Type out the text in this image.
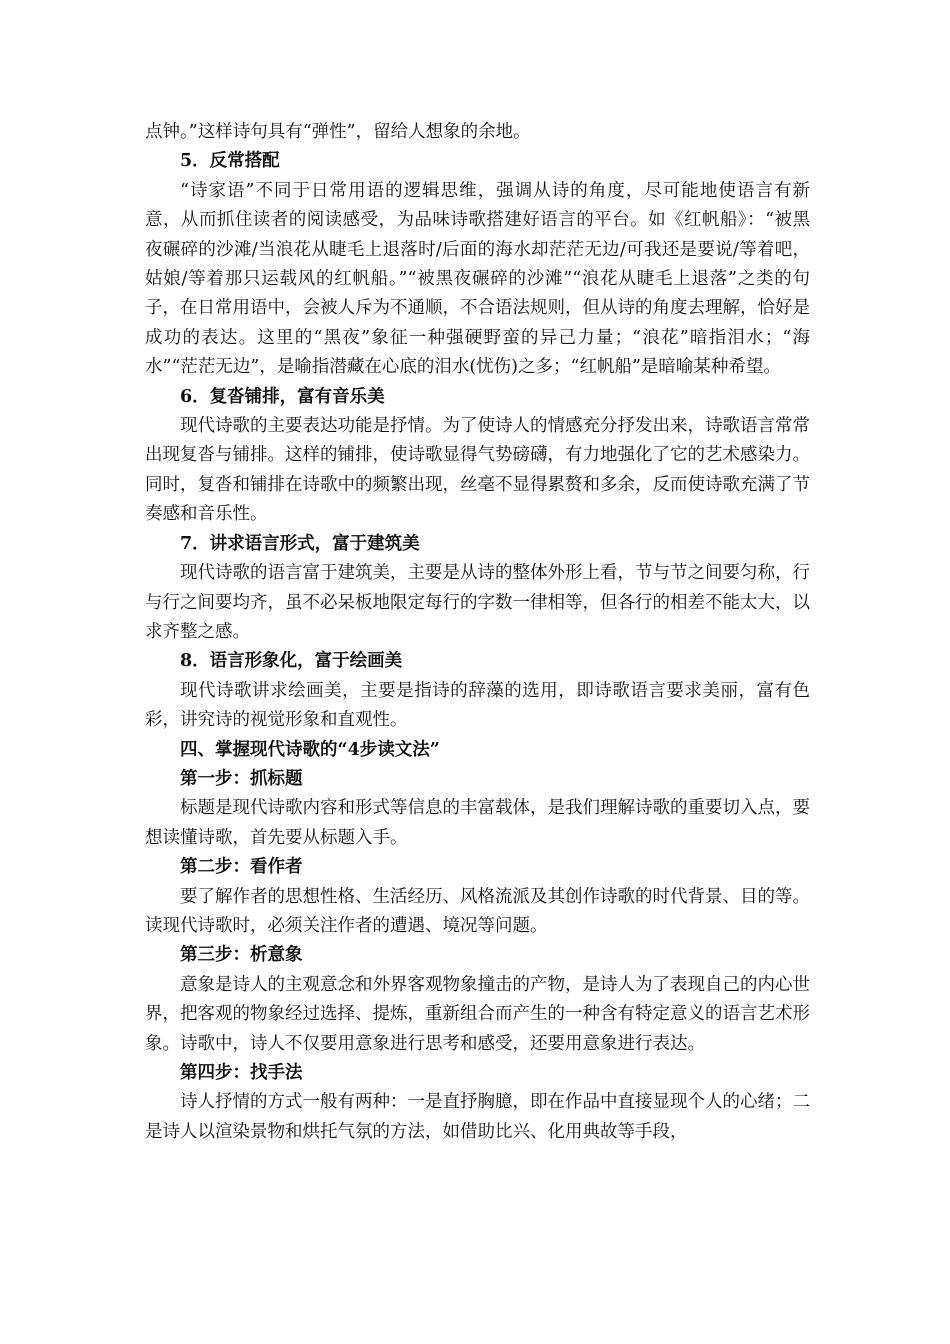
点钟。”这样诗句具有“弹性”，留给人想象的余地。

5．反常搭配

“诗家语”不同于日常用语的逻辑思维，强调从诗的角度，尽可能地使语言有新意，从而抓住读者的阅读感受，为品味诗歌搭建好语言的平台。如《红帆船》：“被黑夜碾碎的沙滩/当浪花从睫毛上退落时/后面的海水却茫茫无边/可我还是要说/等着吧，姑娘/等着那只运载风的红帆船。”“被黑夜碾碎的沙滩”“浪花从睫毛上退落”之类的句子，在日常用语中，会被人斥为不通顺，不合语法规则，但从诗的角度去理解，恰好是成功的表达。这里的“黑夜”象征一种强硬野蛮的异己力量；“浪花”暗指泪水；“海水”“茫茫无边”，是喻指潜藏在心底的泪水(忧伤)之多；“红帆船”是暗喻某种希望。

6．复沓铺排，富有音乐美

现代诗歌的主要表达功能是抒情。为了使诗人的情感充分抒发出来，诗歌语言常常出现复沓与铺排。这样的铺排，使诗歌显得气势磅礴，有力地强化了它的艺术感染力。同时，复沓和铺排在诗歌中的频繁出现，丝毫不显得累赘和多余，反而使诗歌充满了节奏感和音乐性。

7．讲求语言形式，富于建筑美

现代诗歌的语言富于建筑美，主要是从诗的整体外形上看，节与节之间要匀称，行与行之间要均齐，虽不必呆板地限定每行的字数一律相等，但各行的相差不能太大，以求齐整之感。

8．语言形象化，富于绘画美

现代诗歌讲求绘画美，主要是指诗的辞藻的选用，即诗歌语言要求美丽，富有色彩，讲究诗的视觉形象和直观性。

四、掌握现代诗歌的“4步读文法”

第一步：抓标题

标题是现代诗歌内容和形式等信息的丰富载体，是我们理解诗歌的重要切入点，要想读懂诗歌，首先要从标题入手。

第二步：看作者

要了解作者的思想性格、生活经历、风格流派及其创作诗歌的时代背景、目的等。读现代诗歌时，必须关注作者的遭遇、境况等问题。

第三步：析意象

意象是诗人的主观意念和外界客观物象撞击的产物，是诗人为了表现自己的内心世界，把客观的物象经过选择、提炼，重新组合而产生的一种含有特定意义的语言艺术形象。诗歌中，诗人不仅要用意象进行思考和感受，还要用意象进行表达。

第四步：找手法

诗人抒情的方式一般有两种：一是直抒胸臆，即在作品中直接显现个人的心绪；二是诗人以渲染景物和烘托气氛的方法，如借助比兴、化用典故等手段，
